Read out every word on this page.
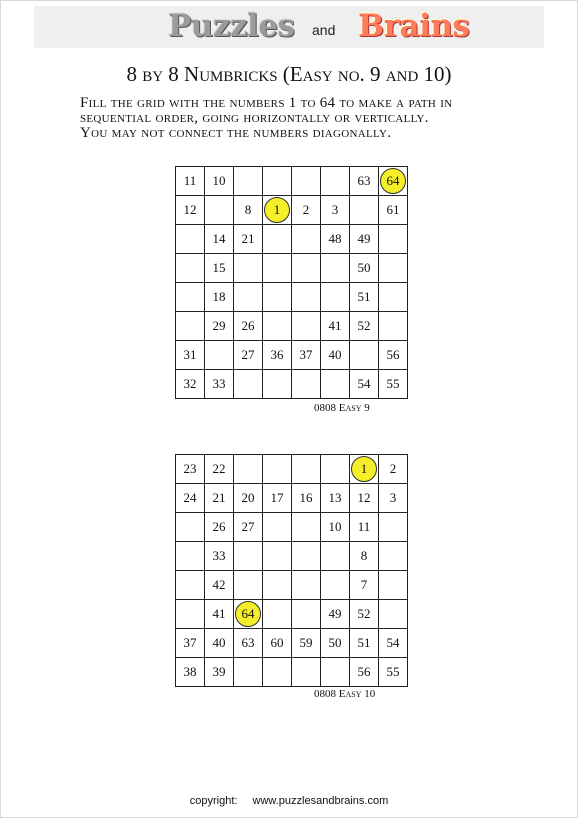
Puzzles and Brains
8 by 8 Numbricks (Easy no. 9 and 10)
Fill the grid with the numbers 1 to 64 to make a path in
sequential order, going horizontally or vertically.
You may not connect the numbers diagonally.
11	10					63	64
12		8	1	2	3		61
	14	21			48	49	
	15					50	
	18					51	
	29	26			41	52	
31		27	36	37	40		56
32	33					54	55
0808 Easy 9
23	22					1	2
24	21	20	17	16	13	12	3
	26	27			10	11	
	33					8	
	42					7	
	41	64			49	52	
37	40	63	60	59	50	51	54
38	39					56	55
0808 Easy 10
copyright: www.puzzlesandbrains.com
